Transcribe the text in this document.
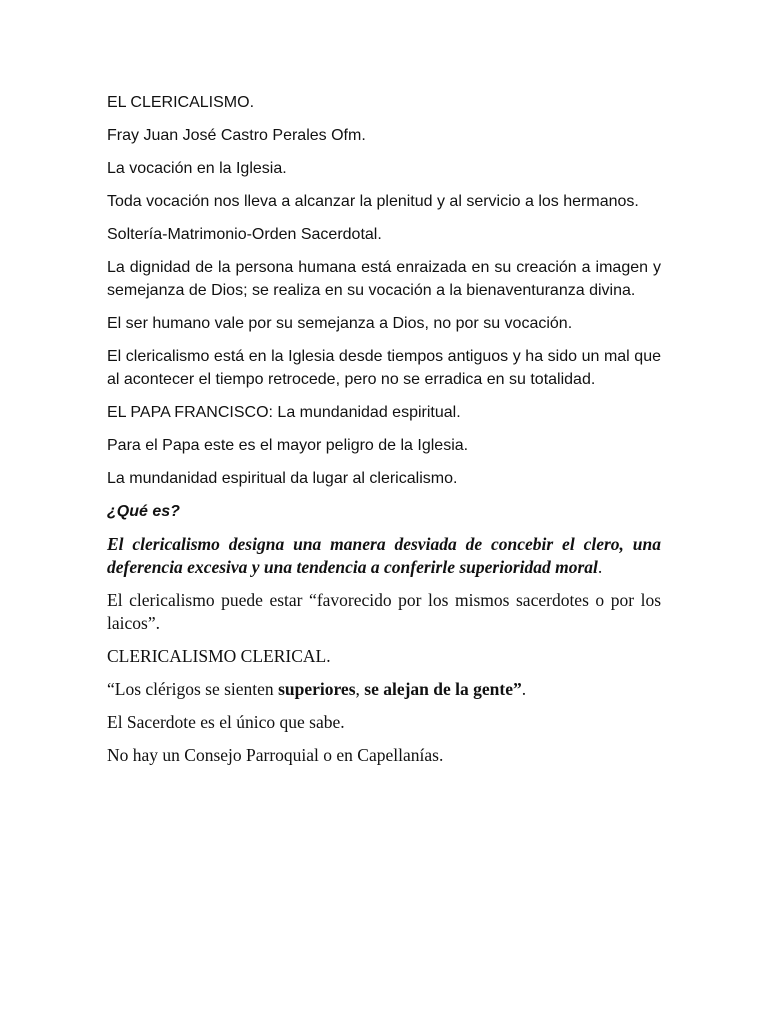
EL CLERICALISMO.

Fray Juan José Castro Perales Ofm.

La vocación en la Iglesia.

Toda vocación nos lleva a alcanzar la plenitud y al servicio a los hermanos.

Soltería-Matrimonio-Orden Sacerdotal.

La dignidad de la persona humana está enraizada en su creación a imagen y semejanza de Dios; se realiza en su vocación a la bienaventuranza divina.

El ser humano vale por su semejanza a Dios, no por su vocación.

El clericalismo está en la Iglesia desde tiempos antiguos y ha sido un mal que al acontecer el tiempo retrocede, pero no se erradica en su totalidad.

EL PAPA FRANCISCO: La mundanidad espiritual.

Para el Papa este es el mayor peligro de la Iglesia.

La mundanidad espiritual da lugar al clericalismo.

¿Qué es?

El clericalismo designa una manera desviada de concebir el clero, una deferencia excesiva y una tendencia a conferirle superioridad moral.

El clericalismo puede estar “favorecido por los mismos sacerdotes o por los laicos”.

CLERICALISMO CLERICAL.

“Los clérigos se sienten superiores, se alejan de la gente”.

El Sacerdote es el único que sabe.

No hay un Consejo Parroquial o en Capellanías.
